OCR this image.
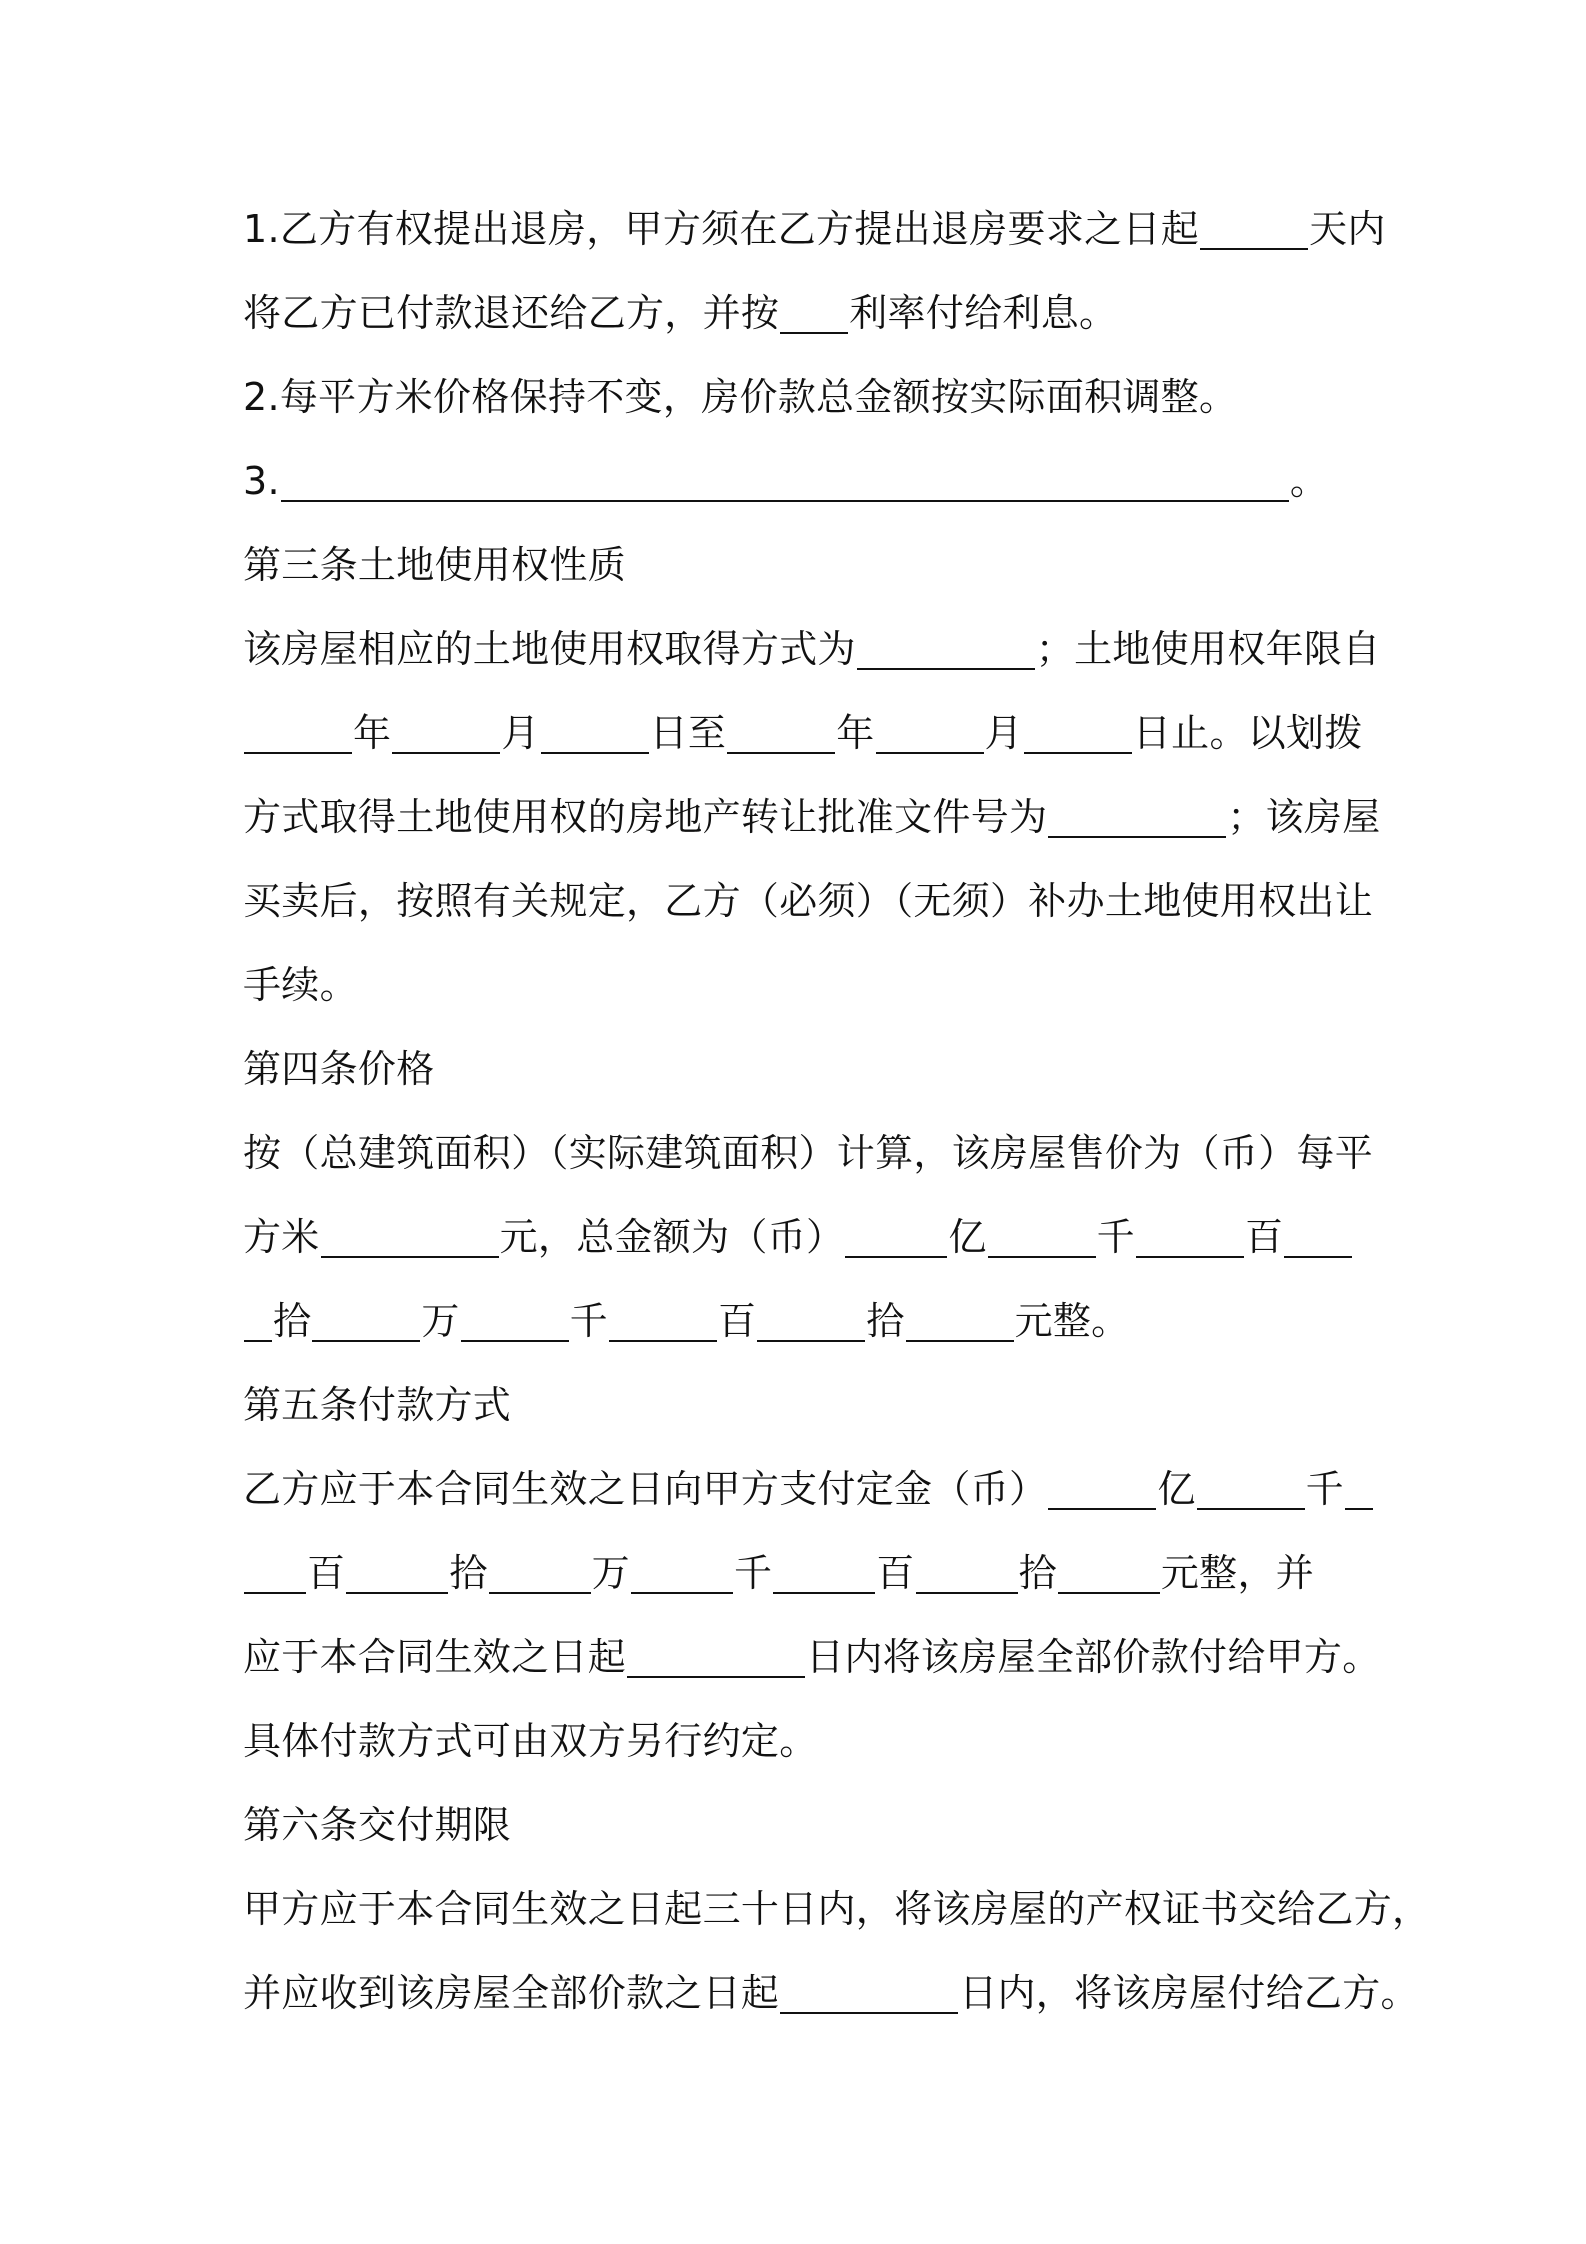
1.乙方有权提出退房，甲方须在乙方提出退房要求之日起	天内
将乙方已付款退还给乙方，并按 利率付给利息。
2.每平方米价格保持不变，房价款总金额按实际面积调整。
3.	。
第三条土地使用权性质
该房屋相应的土地使用权取得方式为	；土地使用权年限自
年	月	日至	年	月	日止。以划拨
方式取得土地使用权的房地产转让批准文件号为	；该房屋
买卖后，按照有关规定，乙方（必须）（无须）补办土地使用权出让
手续。
第四条价格
按（总建筑面积）（实际建筑面积）计算，该房屋售价为（币）每平
方米	元，总金额为（币）	亿	千	百
拾	万	千	百	拾	元整。
第五条付款方式
乙方应于本合同生效之日向甲方支付定金（币）	亿	千
百	拾	万	千	百	拾	元整，并
应于本合同生效之日起	日内将该房屋全部价款付给甲方。
具体付款方式可由双方另行约定。
第六条交付期限
甲方应于本合同生效之日起三十日内，将该房屋的产权证书交给乙方，
并应收到该房屋全部价款之日起	日内，将该房屋付给乙方。
